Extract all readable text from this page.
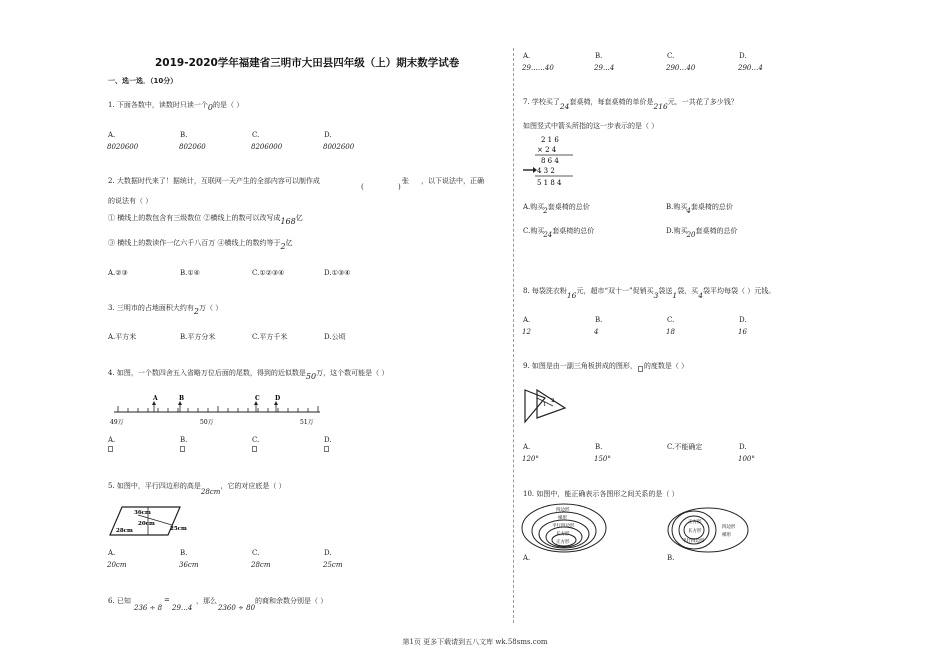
2019-2020学年福建省三明市大田县四年级（上）期末数学试卷
一、选一选．（10分）
1. 下面各数中，读数时只读一个0的是（ ）
A.
8020600
B.
802060
C.
8206000
D.
8002600
2. 大数据时代来了！据统计，互联网一天产生的全部内容可以制作成
(	)
张 ，以下说法中，正确
的说法有（ ）
① 横线上的数包含有三级数位 ②横线上的数可以改写成168亿
③ 横线上的数读作一亿六千八百万 ④横线上的数约等于2亿
A.②③	B.①④	C.①②③④	D.①③④
3. 三明市的占地面积大约有2万（ ）
A.平方米	B.平方分米	C.平方千米	D.公顷
4. 如图，一个数四舍五入省略万位后面的尾数，得到的近似数是50万，这个数可能是（ ）
A	B	C	D
49万	50万	51万
A.	B.	C.	D.

5. 如图中，平行四边形的高是28cm，它的对应底是（ ）
36cm
20cm
28cm	25cm
A.
20cm
B.
36cm
C.
28cm
D.
25cm
6. 已知
236 ÷ 8
=
29…4
，那么
2360 ÷ 80
的商和余数分别是（ ）
A.
29……40
B.
29…4
C.
290…40
D.
290…4
7. 学校买了24套桌椅，每套桌椅的单价是216元，一共花了多少钱？
如图竖式中箭头所指的这一步表示的是（ ）
2 1 6
× 2 4
8 6 4
4 3 2
5 1 8 4
A.购买2套桌椅的总价	B.购买4套桌椅的总价
C.购买24套桌椅的总价	D.购买20套桌椅的总价
8. 每袋洗衣粉16元，超市“双十一”促销买3袋送1袋，买4袋平均每袋（ ）元钱。
A.
12
B.
4
C.
18
D.
16
9. 如图是由一副三角板拼成的图形， 的度数是（ ）
1
2
A.
120°
B.
150°
C.不能确定	D.
100°
10. 如图中，能正确表示各图形之间关系的是（ ）
四边形
梯形
平行四边形
长方形
正方形
正方形
四边形
长方形
梯形
平行四边形
A.	B.
第1页 更多下载请到五八文库 wk.58sms.com
